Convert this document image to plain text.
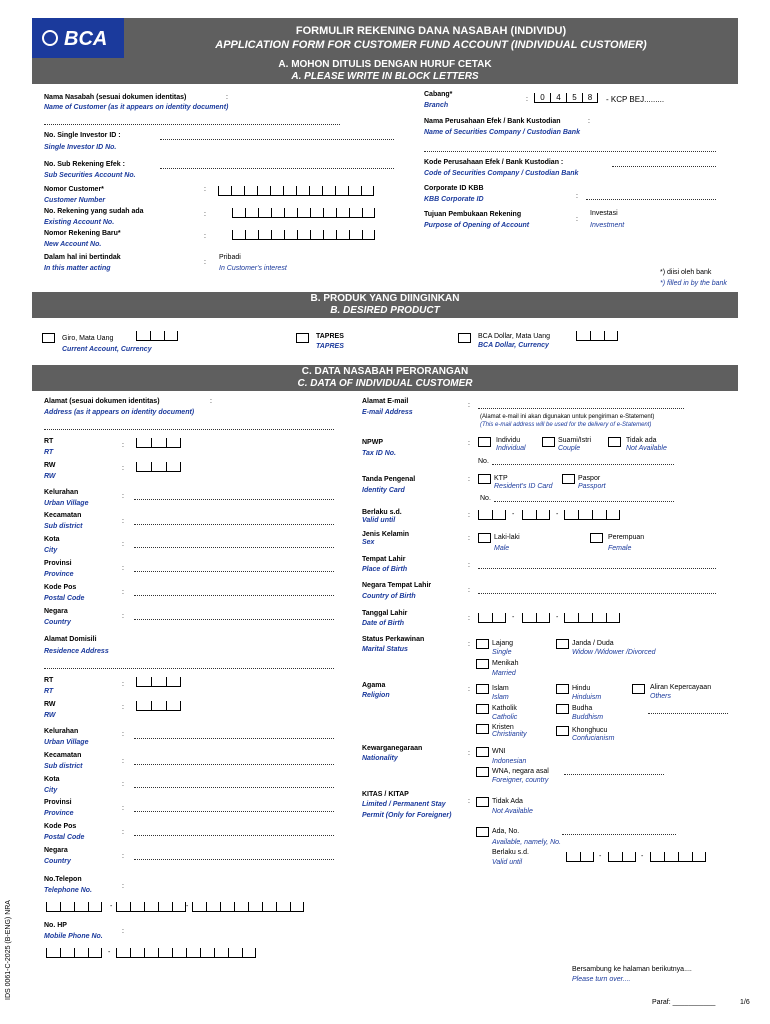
BCA	FORMULIR REKENING DANA NASABAH (INDIVIDU)
APPLICATION FORM FOR CUSTOMER FUND ACCOUNT (INDIVIDUAL CUSTOMER)
A. MOHON DITULIS DENGAN HURUF CETAK
A. PLEASE WRITE IN BLOCK LETTERS
Nama Nasabah (sesuai dokumen identitas)	:
Name of Customer (as it appears on identity document)
No. Single Investor ID :
Single Investor ID No.
No. Sub Rekening Efek :
Sub Securities Account No.
Nomor Customer*	:
Customer Number
No. Rekening yang sudah ada	:
Existing Account No.
Nomor Rekening Baru*	:
New Account No.
Dalam hal ini bertindak
:
Pribadi
In this matter acting	In Customer's interest
Cabang*
Branch
:	0	4	5	8	- KCP BEJ.........
Nama Perusahaan Efek / Bank Kustodian	:
Name of Securities Company / Custodian Bank
Kode Perusahaan Efek / Bank Kustodian :
Code of Securities Company / Custodian Bank
Corporate ID KBB
:
KBB Corporate ID
Tujuan Pembukaan Rekening
:
Investasi
Purpose of Opening of Account	Investment
*) diisi oleh bank
*) filled in by the bank
B. PRODUK YANG DIINGINKAN
B. DESIRED PRODUCT
Giro, Mata Uang
Current Account, Currency
TAPRES
TAPRES
BCA Dollar, Mata Uang
BCA Dollar, Currency
C. DATA NASABAH PERORANGAN
C. DATA OF INDIVIDUAL CUSTOMER
Alamat (sesuai dokumen identitas)	:
Address (as it appears on identity document)
RT
RT
:
RW
RW
:
Kelurahan
Urban Village
:
Kecamatan
Sub district
:
Kota
City
:
Provinsi
Province
:
Kode Pos
Postal Code
:
Negara
Country
:
Alamat Domisili
Residence Address
RT
RT
:
RW
RW
:
Kelurahan
Urban Village
:
Kecamatan
Sub district
:
Kota
City
:
Provinsi
Province
:
Kode Pos
Postal Code
:
Negara
Country
:
No.Telepon
Telephone No.
:
-	-
No. HP
Mobile Phone No.
:
-
Alamat E-mail
E-mail Address
:
(Alamat e-mail ini akan digunakan untuk pengiriman e-Statement)
(This e-mail address will be used for the delivery of e-Statement)
NPWP
Tax ID No.
:	Individu
Individual
Suami/Istri
Couple
Tidak ada
Not Available
No.
Tanda Pengenal
Identity Card
:	KTP
Resident's ID Card
Paspor
Passport
No.
Berlaku s.d.
Valid until
:	-	-
Jenis Kelamin
Sex
:	Laki-laki
Male
Perempuan
Female
Tempat Lahir
Place of Birth
:
Negara Tempat Lahir
Country of Birth
:
Tanggal Lahir
Date of Birth
:	-	-
Status Perkawinan
Marital Status
:	Lajang
Single
Menikah
Married
Janda / Duda
Widow /Widower /Divorced
Agama
Religion
:	Islam
Islam
Katholik
Catholic
Kristen
Christianity
Hindu
Hinduism
Budha
Buddhism
Khonghucu
Confucianism
Aliran Kepercayaan
Others
Kewarganegaraan
Nationality
:	WNI
Indonesian
WNA, negara asal
Foreigner, country
KITAS / KITAP
Limited / Permanent Stay
Permit (Only for Foreigner)
:	Tidak Ada
Not Available
Ada, No.
Available, namely, No.
Berlaku s.d.
Valid until
-	-
Bersambung ke halaman berikutnya....
Please turn over....
Paraf: ___________	1/6
IDS 0061-C-2025 (B-ENG) NRA
